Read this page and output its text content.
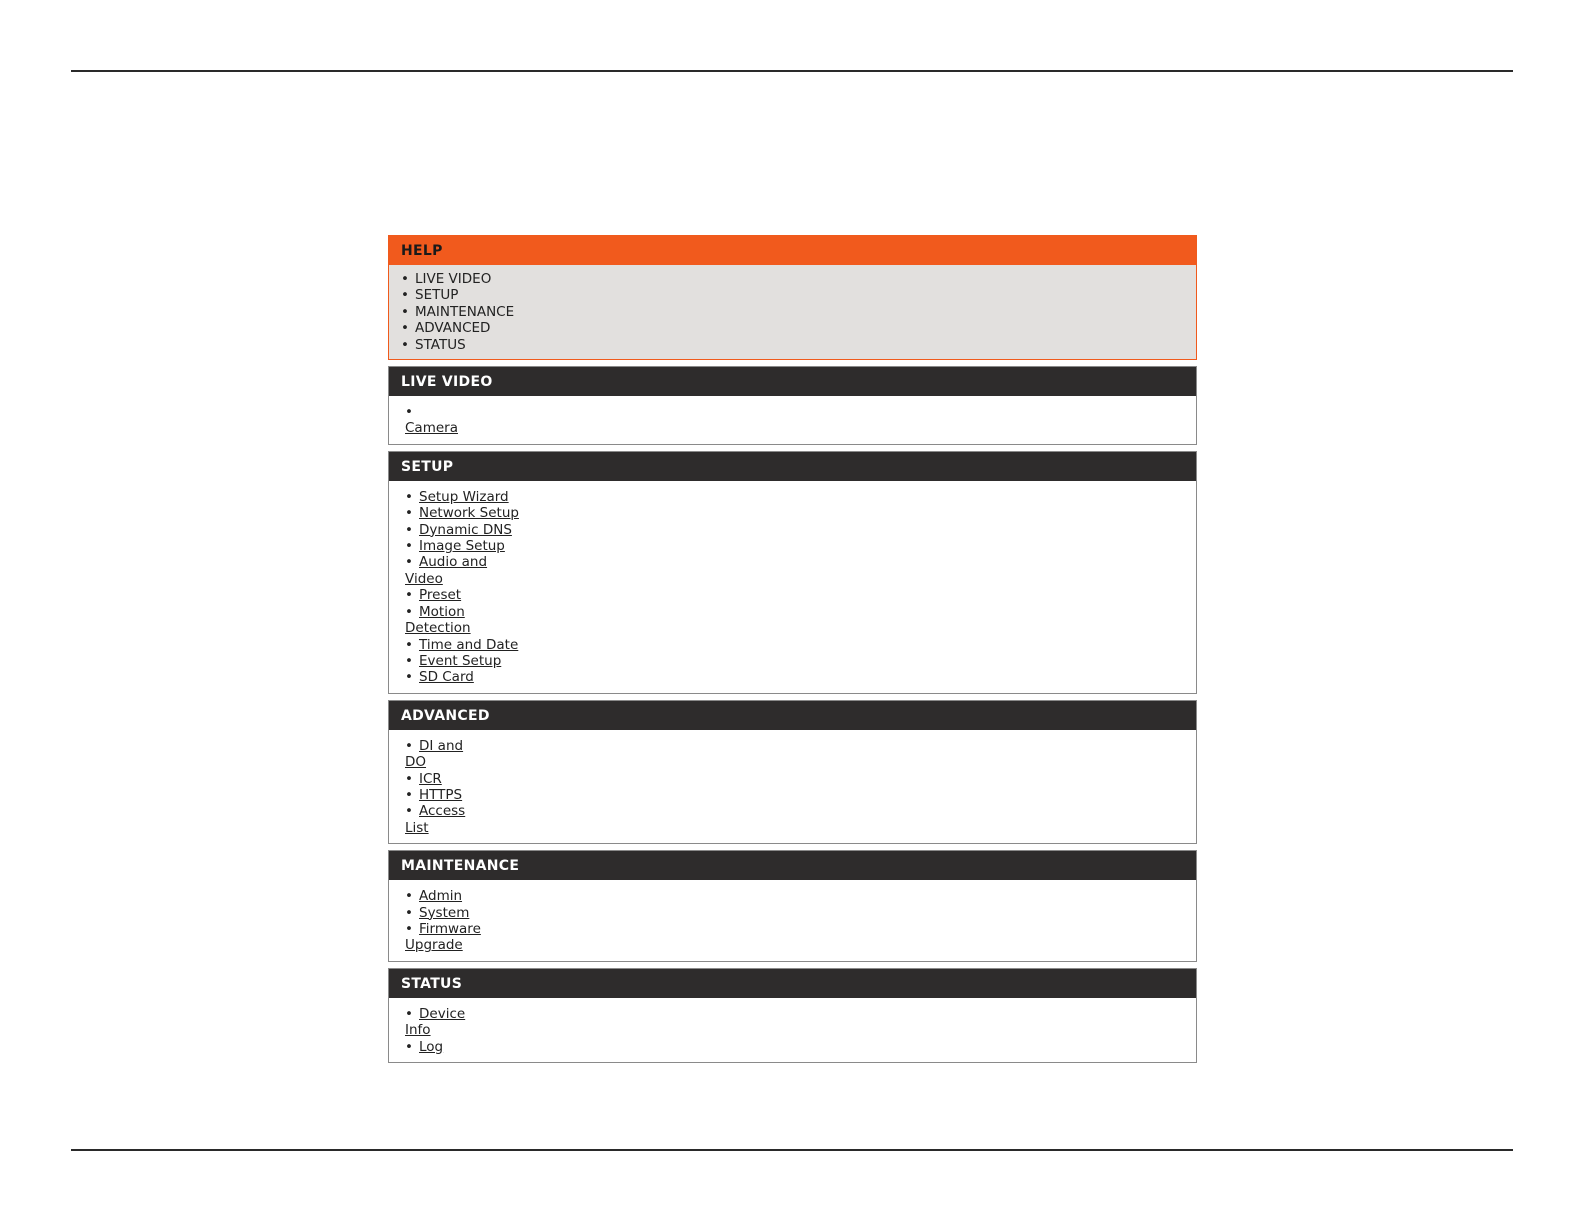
HELP
• LIVE VIDEO
• SETUP
• MAINTENANCE
• ADVANCED
• STATUS
LIVE VIDEO
•
Camera
SETUP
• Setup Wizard
• Network Setup
• Dynamic DNS
• Image Setup
• Audio and
Video
• Preset
• Motion
Detection
• Time and Date
• Event Setup
• SD Card
ADVANCED
• DI and
DO
• ICR
• HTTPS
• Access
List
MAINTENANCE
• Admin
• System
• Firmware
Upgrade
STATUS
• Device
Info
• Log
